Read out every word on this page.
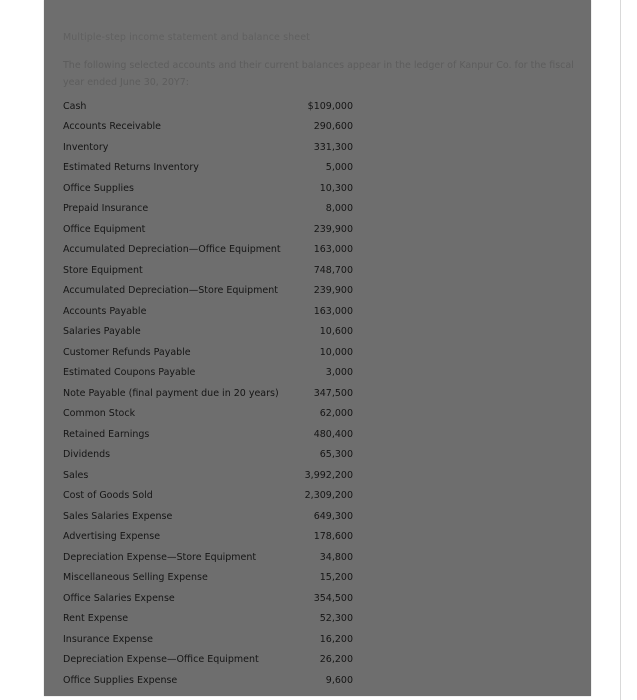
Multiple-step income statement and balance sheet
The following selected accounts and their current balances appear in the ledger of Kanpur Co. for the fiscal year ended June 30, 20Y7:
Cash	$109,000
Accounts Receivable	290,600
Inventory	331,300
Estimated Returns Inventory	5,000
Office Supplies	10,300
Prepaid Insurance	8,000
Office Equipment	239,900
Accumulated Depreciation—Office Equipment	163,000
Store Equipment	748,700
Accumulated Depreciation—Store Equipment	239,900
Accounts Payable	163,000
Salaries Payable	10,600
Customer Refunds Payable	10,000
Estimated Coupons Payable	3,000
Note Payable (final payment due in 20 years)	347,500
Common Stock	62,000
Retained Earnings	480,400
Dividends	65,300
Sales	3,992,200
Cost of Goods Sold	2,309,200
Sales Salaries Expense	649,300
Advertising Expense	178,600
Depreciation Expense—Store Equipment	34,800
Miscellaneous Selling Expense	15,200
Office Salaries Expense	354,500
Rent Expense	52,300
Insurance Expense	16,200
Depreciation Expense—Office Equipment	26,200
Office Supplies Expense	9,600
